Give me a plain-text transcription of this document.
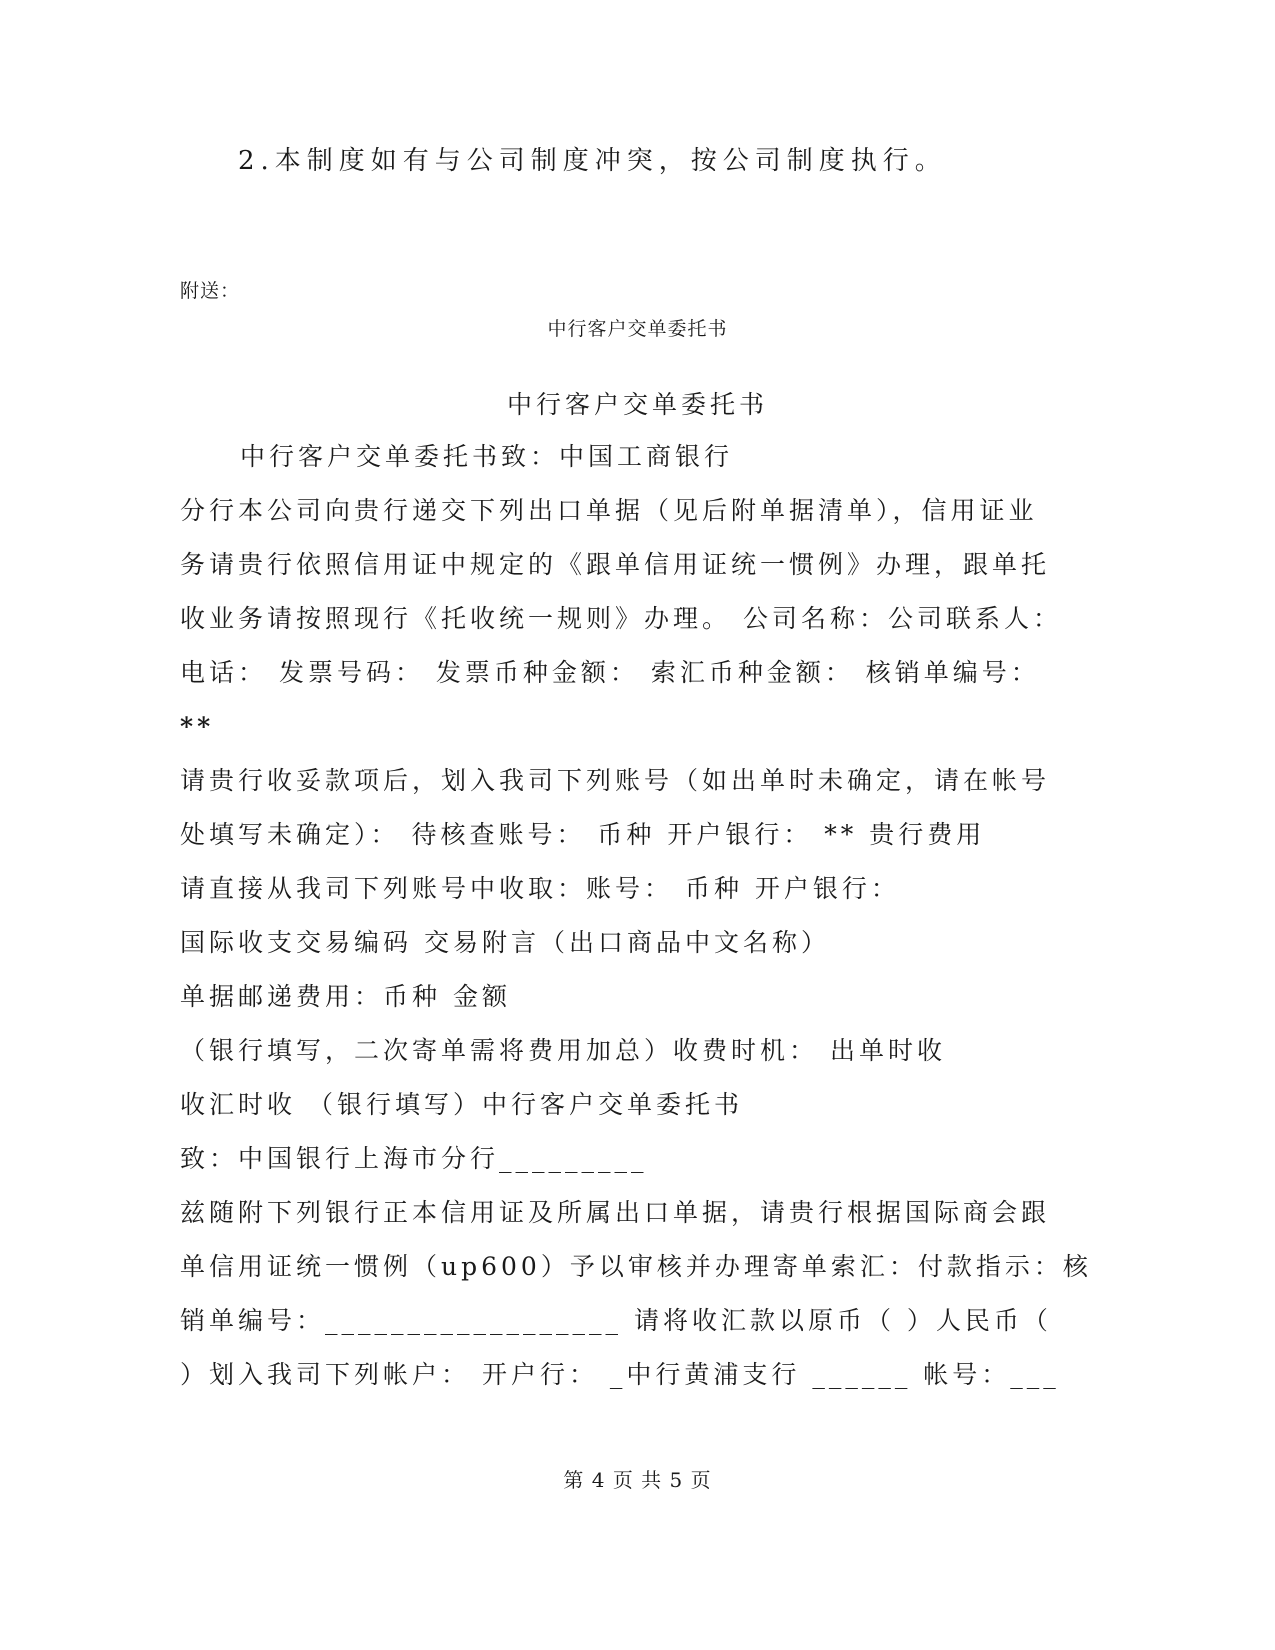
2.本制度如有与公司制度冲突，按公司制度执行。
附送：
中行客户交单委托书
中行客户交单委托书
中行客户交单委托书致：中国工商银行
分行本公司向贵行递交下列出口单据（见后附单据清单），信用证业
务请贵行依照信用证中规定的《跟单信用证统一惯例》办理，跟单托
收业务请按照现行《托收统一规则》办理。 公司名称：公司联系人：
电话： 发票号码： 发票币种金额： 索汇币种金额： 核销单编号：
**
请贵行收妥款项后，划入我司下列账号（如出单时未确定，请在帐号
处填写未确定）： 待核查账号： 币种 开户银行： ** 贵行费用
请直接从我司下列账号中收取：账号： 币种 开户银行：
国际收支交易编码 交易附言（出口商品中文名称）
单据邮递费用：币种 金额
（银行填写，二次寄单需将费用加总）收费时机： 出单时收
收汇时收 （银行填写）中行客户交单委托书
致：中国银行上海市分行_________
兹随附下列银行正本信用证及所属出口单据，请贵行根据国际商会跟
单信用证统一惯例（up600）予以审核并办理寄单索汇：付款指示：核
销单编号：__________________ 请将收汇款以原币（ ）人民币（
）划入我司下列帐户： 开户行： _中行黄浦支行 ______ 帐号：___
第 4 页 共 5 页
